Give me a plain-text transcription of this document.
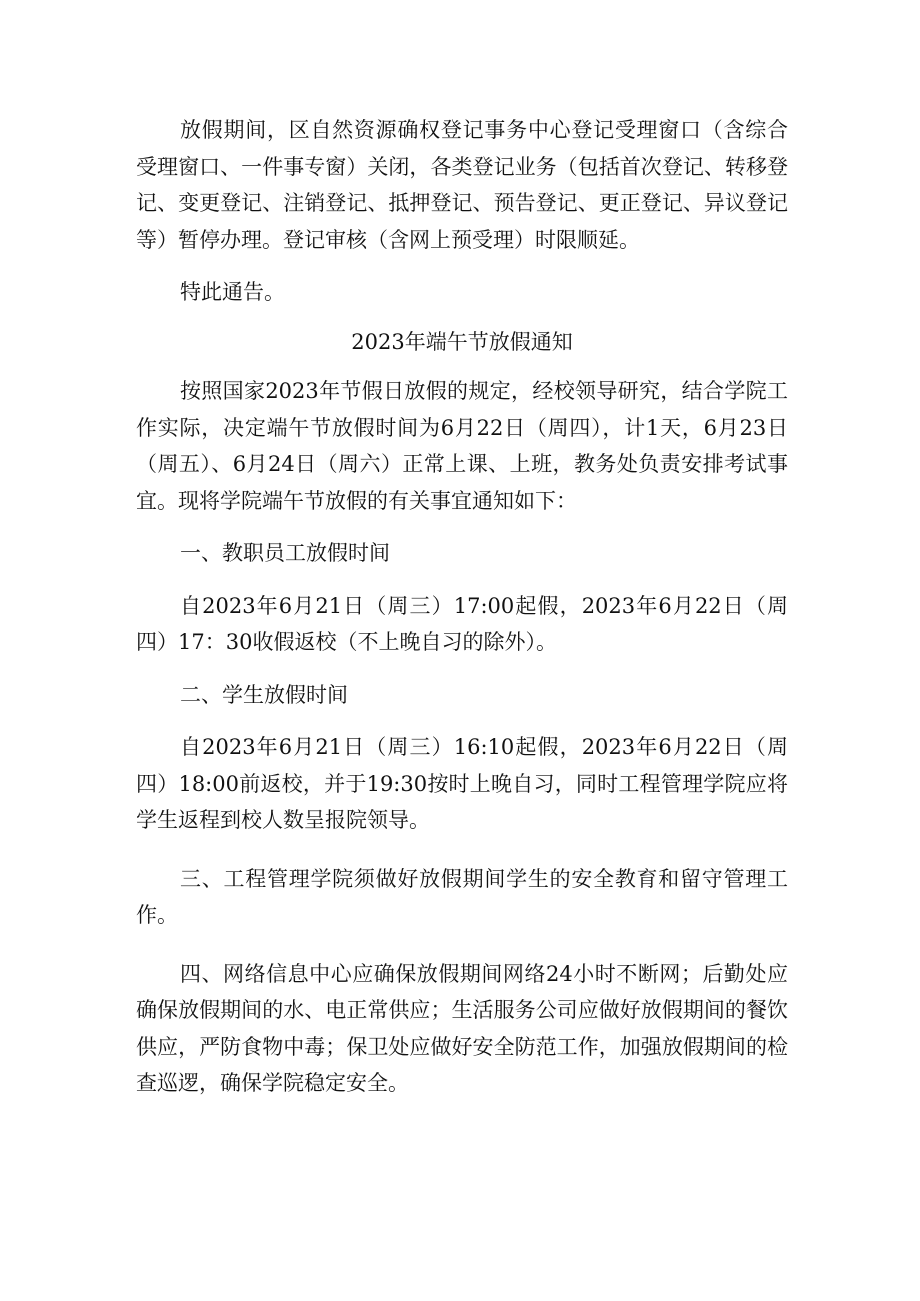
放假期间，区自然资源确权登记事务中心登记受理窗口（含综合受理窗口、一件事专窗）关闭，各类登记业务（包括首次登记、转移登记、变更登记、注销登记、抵押登记、预告登记、更正登记、异议登记等）暂停办理。登记审核（含网上预受理）时限顺延。

特此通告。

2023年端午节放假通知

按照国家2023年节假日放假的规定，经校领导研究，结合学院工作实际，决定端午节放假时间为6月22日（周四），计1天，6月23日（周五）、6月24日（周六）正常上课、上班，教务处负责安排考试事宜。现将学院端午节放假的有关事宜通知如下：

一、教职员工放假时间

自2023年6月21日（周三）17:00起假，2023年6月22日（周四）17：30收假返校（不上晚自习的除外）。

二、学生放假时间

自2023年6月21日（周三）16:10起假，2023年6月22日（周四）18:00前返校，并于19:30按时上晚自习，同时工程管理学院应将学生返程到校人数呈报院领导。

三、工程管理学院须做好放假期间学生的安全教育和留守管理工作。

四、网络信息中心应确保放假期间网络24小时不断网；后勤处应确保放假期间的水、电正常供应；生活服务公司应做好放假期间的餐饮供应，严防食物中毒；保卫处应做好安全防范工作，加强放假期间的检查巡逻，确保学院稳定安全。
